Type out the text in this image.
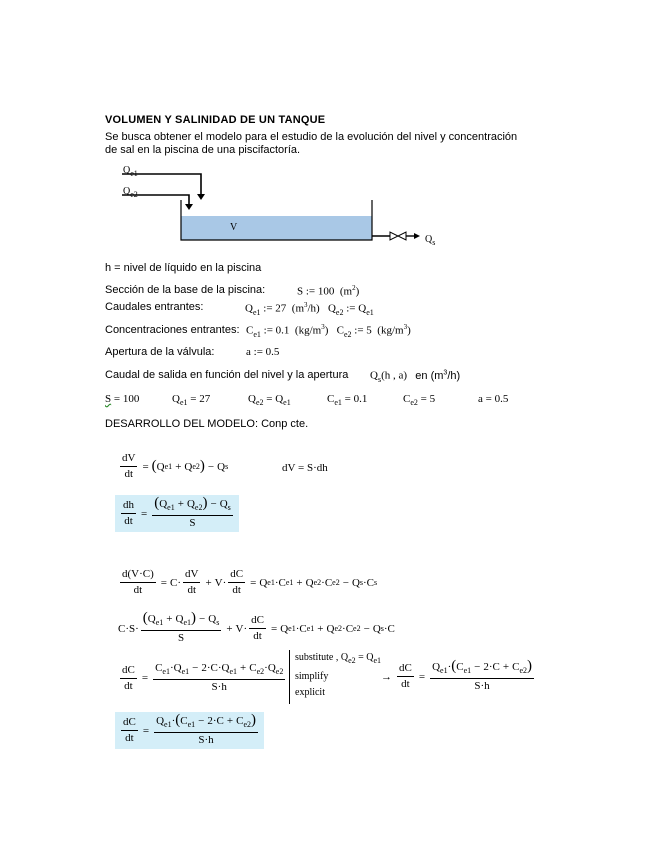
VOLUMEN Y SALINIDAD DE UN TANQUE
Se busca obtener el modelo para el estudio de la evolución del nivel y concentración
de sal en la piscina de una piscifactoría.
$Q_{e1}$
$Q_{e2}$
V
$Q_s$
h = nivel de líquido en la piscina
Sección de la base de la piscina:	S := 100  $(m^2)$
Caudales entrantes:	$Q_{e1}$ := 27  $(m^3/h)$   $Q_{e2}$ := $Q_{e1}$
Concentraciones entrantes: $C_{e1}$ := 0.1  $(kg/m^3)$   $C_{e2}$ := 5  $(kg/m^3)$
Apertura de la válvula:	a := 0.5
Caudal de salida en función del nivel y la apertura $Q_s(h$ , a)   en $(m^3/h)$
S = 100	$Q_{e1} = 27$	$Q_{e2} = Q_{e1}$	$C_{e1} = 0.1$	$C_{e2} = 5$	a = 0.5
DESARROLLO DEL MODELO: Conp cte.
$\frac{dV}{dt}$ = ( Q e1 + Q e2 ) − Q s	dV = S·dh
$\frac{dh}{dt} = \frac{(Q_{e1} + Q_{e2}) - Q_s}{S}$
$\frac{d(V\cdot C)}{dt} = C\cdot \frac{dV}{dt} + V\cdot \frac{dC}{dt} = Q$ e1 ·C e1 + Q e2 ·C e2 − Q s ·C s
$C\cdot S\cdot \frac{(Q_{e1} + Q_{e1}) - Q_s}{S} + V\cdot \frac{dC}{dt} = Q$ e1 ·C e1 + Q e2 ·C e2 − Q s ·C
$\frac{dC}{dt} = \frac{C_{e1}\cdot Q_{e1} - 2\cdot C\cdot Q_{e1} + C_{e2}\cdot Q_{e2}}{S\cdot h}$
substitute , $Q_{e2} = Q_{e1}$
simplify
explicit
→ $\frac{dC}{dt} = \frac{Q_{e1}\cdot(C_{e1} - 2\cdot C + C_{e2})}{S\cdot h}$
$\frac{dC}{dt} = \frac{Q_{e1}\cdot(C_{e1} - 2\cdot C + C_{e2})}{S\cdot h}$
